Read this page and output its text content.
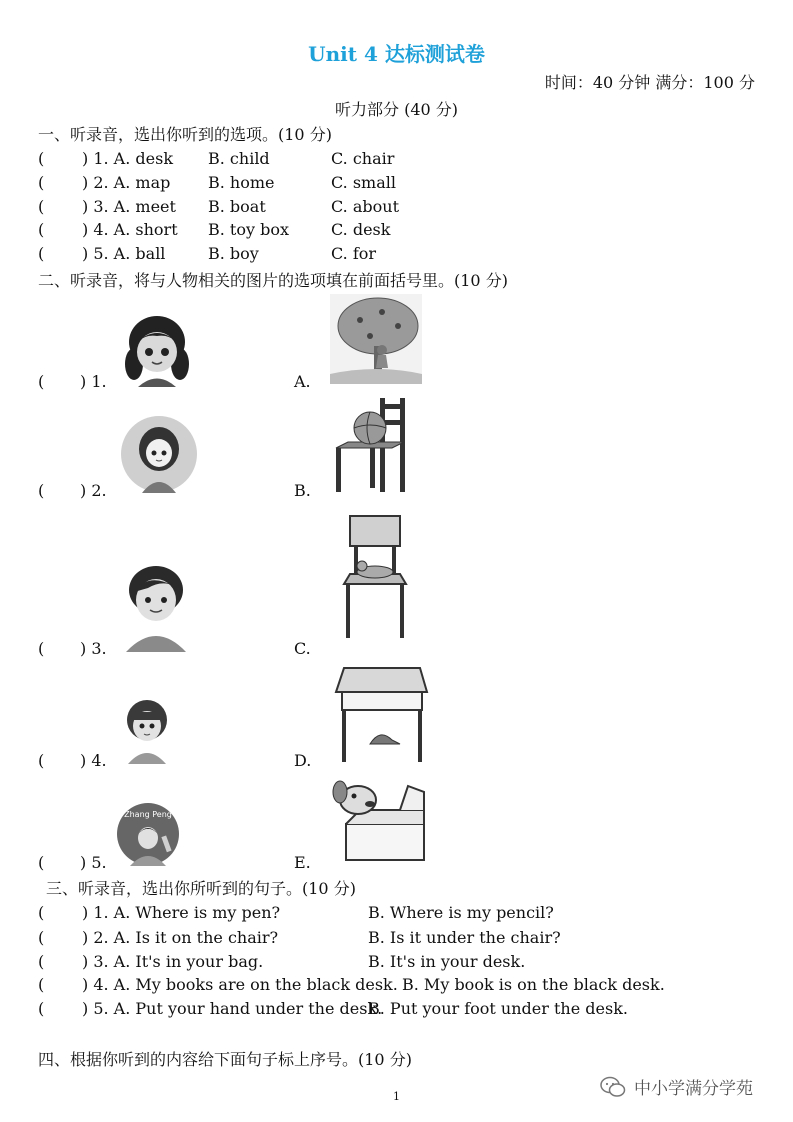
Unit 4 达标测试卷
时间：40 分钟 满分：100 分
听力部分 (40 分)
一、听录音，选出你听到的选项。(10 分)
( ) 1. A. desk B. child	C. chair
( ) 2. A. map B. home	C. small
( ) 3. A. meet B. boat	C. about
( ) 4. A. short B. toy box	C. desk
( ) 5. A. ball	B. boy	C. for
二、听录音，将与人物相关的图片的选项填在前面括号里。(10 分)
( ) 1.	A.
( ) 2.	B.
( ) 3.	C.
( ) 4.	D.
( ) 5.
Zhang Peng
E.
三、听录音，选出你所听到的句子。(10 分)
( ) 1. A. Where is my pen?	B. Where is my pencil?
( ) 2. A. Is it on the chair?	B. Is it under the chair?
( ) 3. A. It's in your bag.	B. It's in your desk.
( ) 4. A. My books are on the black desk. B. My book is on the black desk.
( ) 5. A. Put your hand under the desk.
B. Put your foot under the desk.
四、根据你听到的内容给下面句子标上序号。(10 分)
中小学满分学苑
1
